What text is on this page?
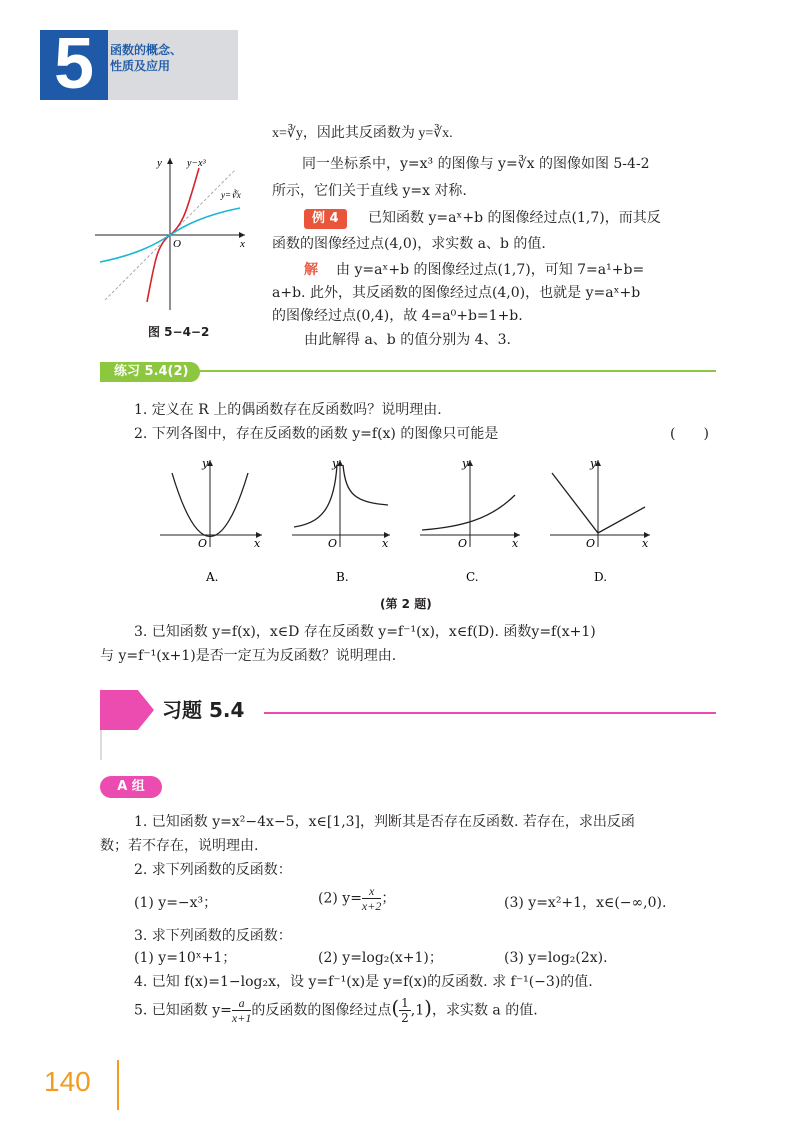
5	函数的概念、
性质及应用
y
x
O
y−x³
y=∛x
图 5−4−2
x=∛y，因此其反函数为 y=∛x.
同一坐标系中，y=x³ 的图像与 y=∛x 的图像如图 5-4-2
所示，它们关于直线 y=x 对称.
例 4	已知函数 y=aˣ+b 的图像经过点(1,7)，而其反
函数的图像经过点(4,0)，求实数 a、b 的值.
解 由 y=aˣ+b 的图像经过点(1,7)，可知 7=a¹+b=
a+b. 此外，其反函数的图像经过点(4,0)，也就是 y=aˣ+b
的图像经过点(0,4)，故 4=a⁰+b=1+b.
由此解得 a、b 的值分别为 4、3.
练习 5.4(2)
1. 定义在 R 上的偶函数存在反函数吗？说明理由.
2. 下列各图中，存在反函数的函数 y=f(x) 的图像只可能是	(　　)
y
x
O
A.
y
x
O
B.
y
x
O
C.
y
x
O
D.
(第 2 题)
3. 已知函数 y=f(x)，x∈D 存在反函数 y=f⁻¹(x)，x∈f(D). 函数y=f(x+1)
与 y=f⁻¹(x+1)是否一定互为反函数？说明理由.
习题 5.4
A 组
1. 已知函数 y=x²−4x−5，x∈[1,3]，判断其是否存在反函数. 若存在，求出反函
数；若不存在，说明理由.
2. 求下列函数的反函数：
(1) y=−x³；	(2) $y= \frac{x}{x+2}$ ；	(3) y=x²+1，x∈(−∞,0).
3. 求下列函数的反函数：
(1) y=10ˣ+1；	(2) y=log₂(x+1)；	(3) y=log₂(2x).
4. 已知 f(x)=1−log₂x，设 y=f⁻¹(x)是 y=f(x)的反函数. 求 f⁻¹(−3)的值.
5. 已知函数 $y= \frac{a}{x+1}$ 的反函数的图像经过点( $\frac{1}{2} ,1$)，求实数 a 的值.
140
